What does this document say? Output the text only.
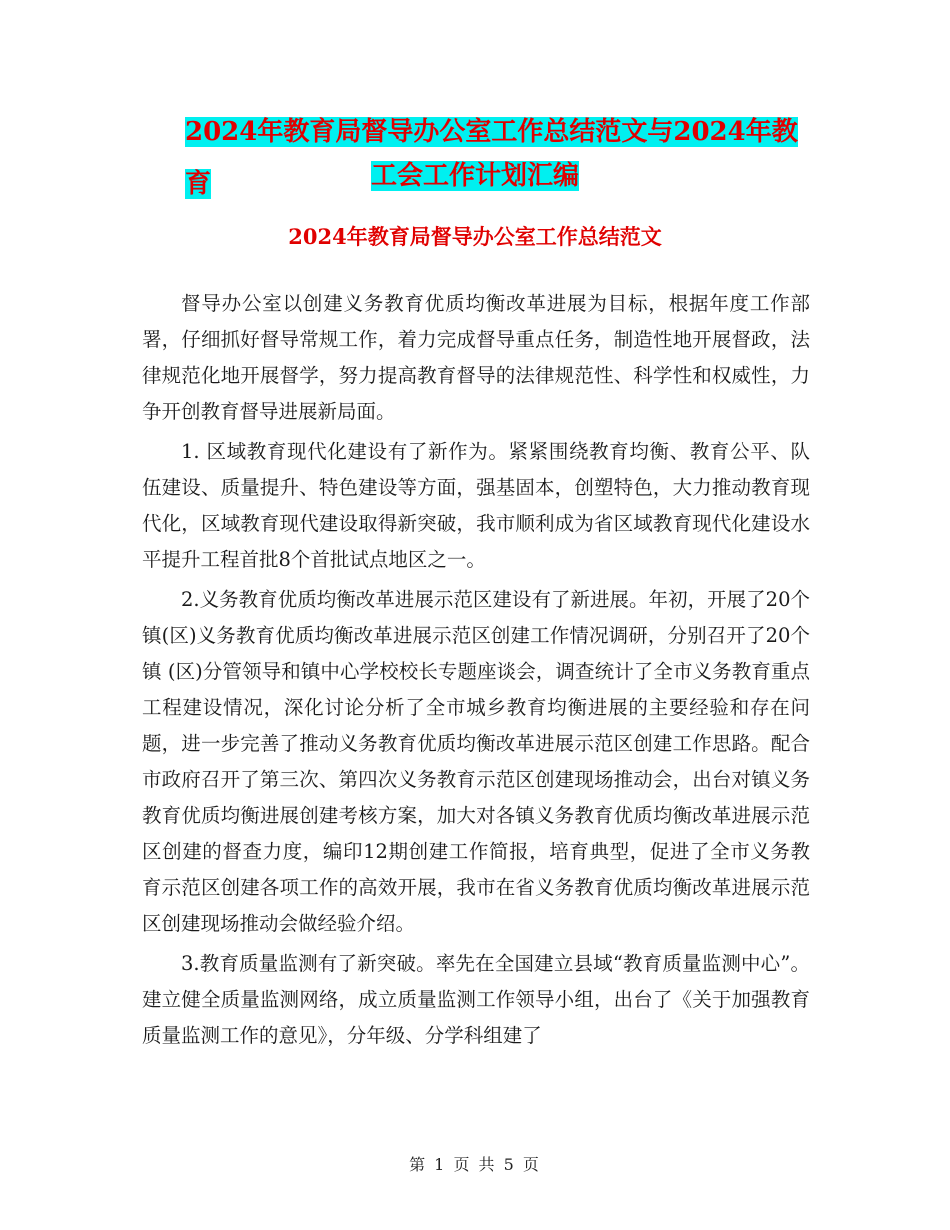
2024年教育局督导办公室工作总结范文与2024年教育	工会工作计划汇编
2024年教育局督导办公室工作总结范文

督导办公室以创建义务教育优质均衡改革进展为目标，根据年度工作部署，仔细抓好督导常规工作，着力完成督导重点任务，制造性地开展督政，法律规范化地开展督学，努力提高教育督导的法律规范性、科学性和权威性，力争开创教育督导进展新局面。

1. 区域教育现代化建设有了新作为。紧紧围绕教育均衡、教育公平、队伍建设、质量提升、特色建设等方面，强基固本，创塑特色，大力推动教育现代化，区域教育现代建设取得新突破，我市顺利成为省区域教育现代化建设水平提升工程首批8个首批试点地区之一。

2.义务教育优质均衡改革进展示范区建设有了新进展。年初，开展了20个镇(区)义务教育优质均衡改革进展示范区创建工作情况调研，分别召开了20个镇 (区)分管领导和镇中心学校校长专题座谈会，调查统计了全市义务教育重点工程建设情况，深化讨论分析了全市城乡教育均衡进展的主要经验和存在问题，进一步完善了推动义务教育优质均衡改革进展示范区创建工作思路。配合市政府召开了第三次、第四次义务教育示范区创建现场推动会，出台对镇义务教育优质均衡进展创建考核方案，加大对各镇义务教育优质均衡改革进展示范区创建的督查力度，编印12期创建工作简报，培育典型，促进了全市义务教育示范区创建各项工作的高效开展，我市在省义务教育优质均衡改革进展示范区创建现场推动会做经验介绍。

3.教育质量监测有了新突破。率先在全国建立县域“教育质量监测中心”。建立健全质量监测网络，成立质量监测工作领导小组，出台了《关于加强教育质量监测工作的意见》，分年级、分学科组建了

第 1 页 共 5 页
